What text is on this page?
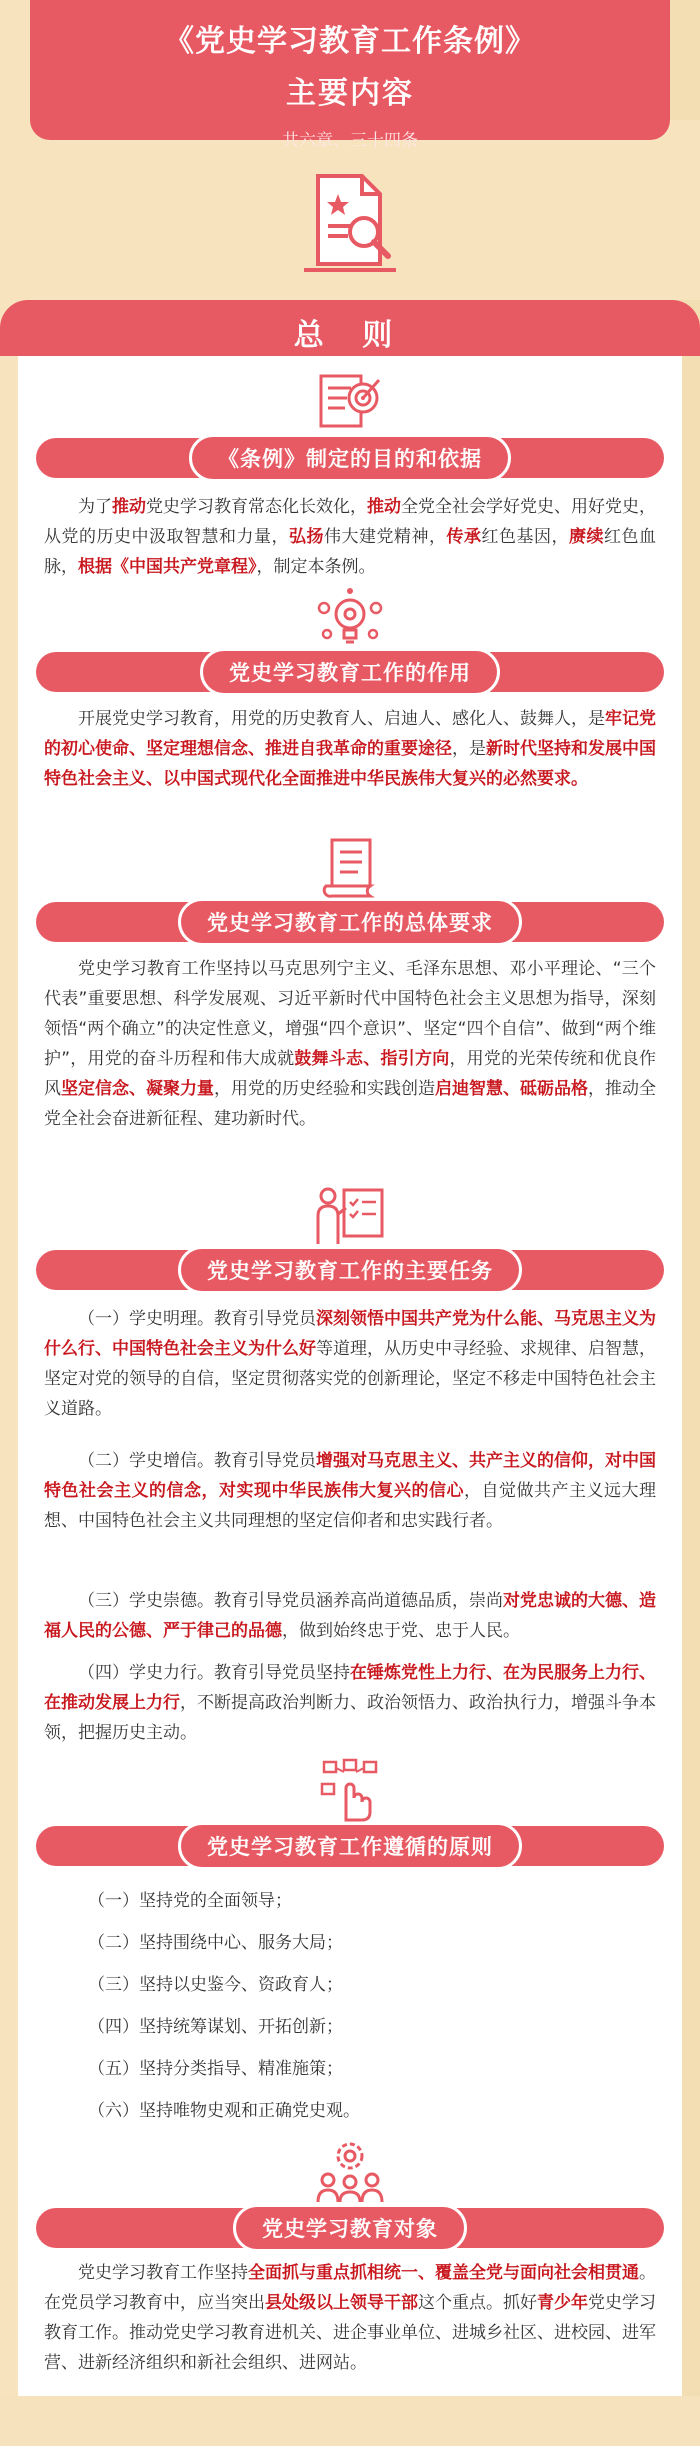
《党史学习教育工作条例》
主要内容
共六章、三十四条
总 则
《条例》制定的目的和依据
为了推动党史学习教育常态化长效化，推动全党全社会学好党史、用好党史，从党的历史中汲取智慧和力量，弘扬伟大建党精神，传承红色基因，赓续红色血脉，根据《中国共产党章程》，制定本条例。
党史学习教育工作的作用
开展党史学习教育，用党的历史教育人、启迪人、感化人、鼓舞人，是牢记党的初心使命、坚定理想信念、推进自我革命的重要途径，是新时代坚持和发展中国特色社会主义、以中国式现代化全面推进中华民族伟大复兴的必然要求。
党史学习教育工作的总体要求
党史学习教育工作坚持以马克思列宁主义、毛泽东思想、邓小平理论、“三个代表”重要思想、科学发展观、习近平新时代中国特色社会主义思想为指导，深刻领悟“两个确立”的决定性意义，增强“四个意识”、坚定“四个自信”、做到“两个维护”，用党的奋斗历程和伟大成就鼓舞斗志、指引方向，用党的光荣传统和优良作风坚定信念、凝聚力量，用党的历史经验和实践创造启迪智慧、砥砺品格，推动全党全社会奋进新征程、建功新时代。
党史学习教育工作的主要任务
（一）学史明理。教育引导党员深刻领悟中国共产党为什么能、马克思主义为什么行、中国特色社会主义为什么好等道理，从历史中寻经验、求规律、启智慧，坚定对党的领导的自信，坚定贯彻落实党的创新理论，坚定不移走中国特色社会主义道路。
（二）学史增信。教育引导党员增强对马克思主义、共产主义的信仰，对中国特色社会主义的信念，对实现中华民族伟大复兴的信心，自觉做共产主义远大理想、中国特色社会主义共同理想的坚定信仰者和忠实践行者。
（三）学史崇德。教育引导党员涵养高尚道德品质，崇尚对党忠诚的大德、造福人民的公德、严于律己的品德，做到始终忠于党、忠于人民。
（四）学史力行。教育引导党员坚持在锤炼党性上力行、在为民服务上力行、在推动发展上力行，不断提高政治判断力、政治领悟力、政治执行力，增强斗争本领，把握历史主动。
党史学习教育工作遵循的原则
（一）坚持党的全面领导；
（二）坚持围绕中心、服务大局；
（三）坚持以史鉴今、资政育人；
（四）坚持统筹谋划、开拓创新；
（五）坚持分类指导、精准施策；
（六）坚持唯物史观和正确党史观。
党史学习教育对象
党史学习教育工作坚持全面抓与重点抓相统一、覆盖全党与面向社会相贯通。在党员学习教育中，应当突出县处级以上领导干部这个重点。抓好青少年党史学习教育工作。推动党史学习教育进机关、进企事业单位、进城乡社区、进校园、进军营、进新经济组织和新社会组织、进网站。
